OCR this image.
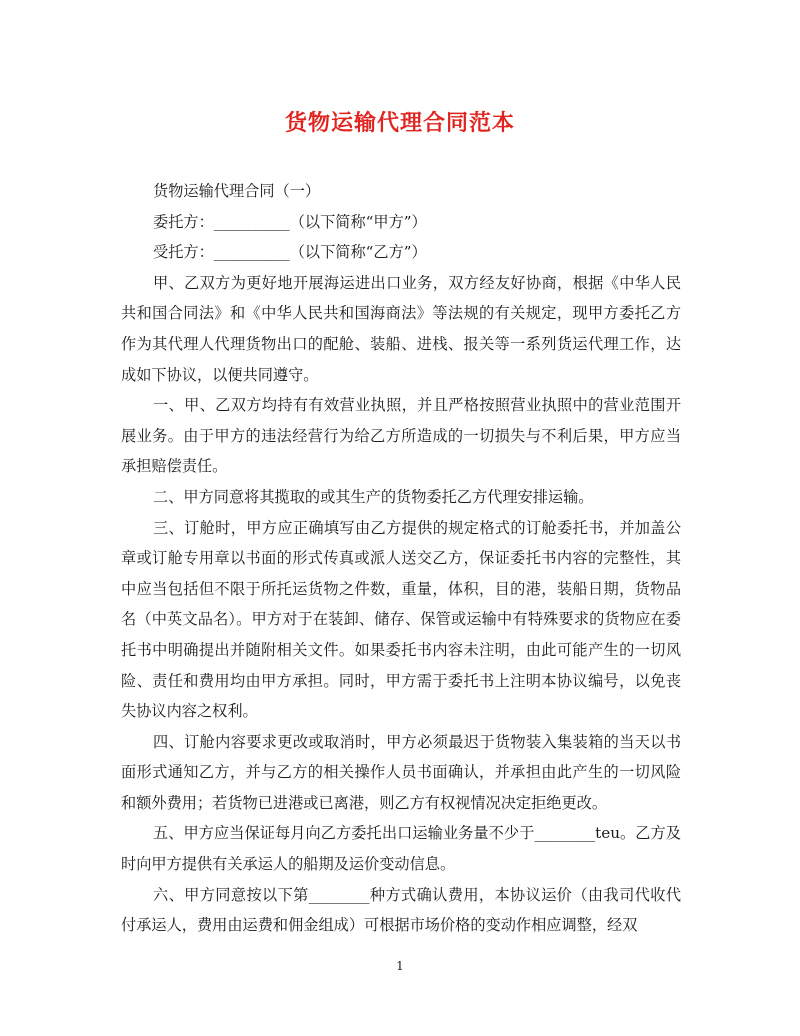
货物运输代理合同范本

货物运输代理合同（一）

委托方：__________（以下简称“甲方”）

受托方：__________（以下简称“乙方”）

甲、乙双方为更好地开展海运进出口业务，双方经友好协商，根据《中华人民共和国合同法》和《中华人民共和国海商法》等法规的有关规定，现甲方委托乙方作为其代理人代理货物出口的配舱、装船、进栈、报关等一系列货运代理工作，达成如下协议，以便共同遵守。

一、甲、乙双方均持有有效营业执照，并且严格按照营业执照中的营业范围开展业务。由于甲方的违法经营行为给乙方所造成的一切损失与不利后果，甲方应当承担赔偿责任。

二、甲方同意将其揽取的或其生产的货物委托乙方代理安排运输。

三、订舱时，甲方应正确填写由乙方提供的规定格式的订舱委托书，并加盖公章或订舱专用章以书面的形式传真或派人送交乙方，保证委托书内容的完整性，其中应当包括但不限于所托运货物之件数，重量，体积，目的港，装船日期，货物品名（中英文品名）。甲方对于在装卸、储存、保管或运输中有特殊要求的货物应在委托书中明确提出并随附相关文件。如果委托书内容未注明，由此可能产生的一切风险、责任和费用均由甲方承担。同时，甲方需于委托书上注明本协议编号，以免丧失协议内容之权利。

四、订舱内容要求更改或取消时，甲方必须最迟于货物装入集装箱的当天以书面形式通知乙方，并与乙方的相关操作人员书面确认，并承担由此产生的一切风险和额外费用；若货物已进港或已离港，则乙方有权视情况决定拒绝更改。

五、甲方应当保证每月向乙方委托出口运输业务量不少于________teu。乙方及时向甲方提供有关承运人的船期及运价变动信息。

六、甲方同意按以下第________种方式确认费用，本协议运价（由我司代收代付承运人，费用由运费和佣金组成）可根据市场价格的变动作相应调整，经双

1
